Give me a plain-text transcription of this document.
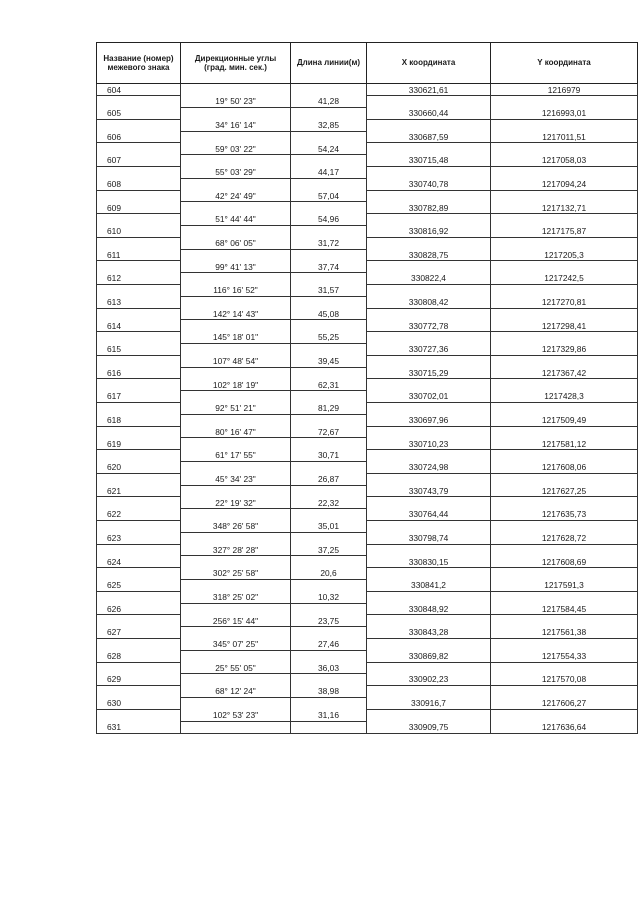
Название (номер) межевого знака	Дирекционные углы (град. мин. сек.)	Длина линии(м)	X координата	Y координата
604			330621,61	1216979
	19° 50' 23"	41,28		
605			330660,44	1216993,01
	34° 16' 14"	32,85		
606			330687,59	1217011,51
	59° 03' 22"	54,24		
607			330715,48	1217058,03
	55° 03' 29"	44,17		
608			330740,78	1217094,24
	42° 24' 49"	57,04		
609			330782,89	1217132,71
	51° 44' 44"	54,96		
610			330816,92	1217175,87
	68° 06' 05"	31,72		
611			330828,75	1217205,3
	99° 41' 13"	37,74		
612			330822,4	1217242,5
	116° 16' 52"	31,57		
613			330808,42	1217270,81
	142° 14' 43"	45,08		
614			330772,78	1217298,41
	145° 18' 01"	55,25		
615			330727,36	1217329,86
	107° 48' 54"	39,45		
616			330715,29	1217367,42
	102° 18' 19"	62,31		
617			330702,01	1217428,3
	92° 51' 21"	81,29		
618			330697,96	1217509,49
	80° 16' 47"	72,67		
619			330710,23	1217581,12
	61° 17' 55"	30,71		
620			330724,98	1217608,06
	45° 34' 23"	26,87		
621			330743,79	1217627,25
	22° 19' 32"	22,32		
622			330764,44	1217635,73
	348° 26' 58"	35,01		
623			330798,74	1217628,72
	327° 28' 28"	37,25		
624			330830,15	1217608,69
	302° 25' 58"	20,6		
625			330841,2	1217591,3
	318° 25' 02"	10,32		
626			330848,92	1217584,45
	256° 15' 44"	23,75		
627			330843,28	1217561,38
	345° 07' 25"	27,46		
628			330869,82	1217554,33
	25° 55' 05"	36,03		
629			330902,23	1217570,08
	68° 12' 24"	38,98		
630			330916,7	1217606,27
	102° 53' 23"	31,16		
631			330909,75	1217636,64
